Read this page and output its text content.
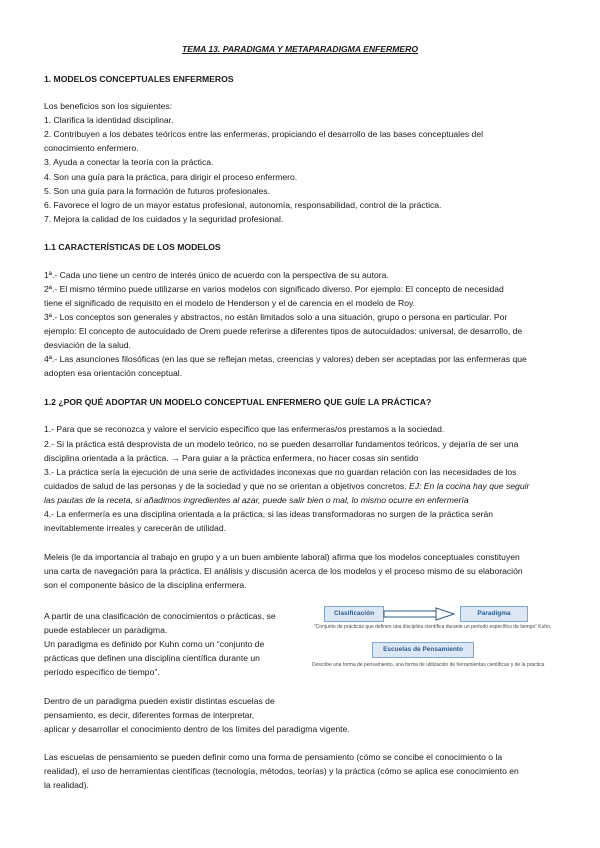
TEMA 13. PARADIGMA Y METAPARADIGMA ENFERMERO
1. MODELOS CONCEPTUALES ENFERMEROS
Los beneficios son los siguientes:
1. Clarifica la identidad disciplinar.
2. Contribuyen a los debates teóricos entre las enfermeras, propiciando el desarrollo de las bases conceptuales del
conocimiento enfermero.
3. Ayuda a conectar la teoría con la práctica.
4. Son una guía para la práctica, para dirigir el proceso enfermero.
5. Son una guía para la formación de futuros profesionales.
6. Favorece el logro de un mayor estatus profesional, autonomía, responsabilidad, control de la práctica.
7. Mejora la calidad de los cuidados y la seguridad profesional.
1.1 CARACTERÍSTICAS DE LOS MODELOS
1ª.- Cada uno tiene un centro de interés único de acuerdo con la perspectiva de su autora.
2ª.- El mismo término puede utilizarse en varios modelos con significado diverso. Por ejemplo: El concepto de necesidad
tiene el significado de requisito en el modelo de Henderson y el de carencia en el modelo de Roy.
3ª.- Los conceptos son generales y abstractos, no están limitados solo a una situación, grupo o persona en particular. Por
ejemplo: El concepto de autocuidado de Orem puede referirse a diferentes tipos de autocuidados: universal, de desarrollo, de
desviación de la salud.
4ª.- Las asunciones filosóficas (en las que se reflejan metas, creencias y valores) deben ser aceptadas por las enfermeras que
adopten esa orientación conceptual.
1.2 ¿POR QUÉ ADOPTAR UN MODELO CONCEPTUAL ENFERMERO QUE GUÍE LA PRÁCTICA?
1.- Para que se reconozca y valore el servicio específico que las enfermeras/os prestamos a la sociedad.
2.- Si la práctica está desprovista de un modelo teórico, no se pueden desarrollar fundamentos teóricos, y dejaría de ser una
disciplina orientada a la práctica. → Para guiar a la práctica enfermera, no hacer cosas sin sentido
3.- La práctica sería la ejecución de una serie de actividades inconexas que no guardan relación con las necesidades de los
cuidados de salud de las personas y de la sociedad y que no se orientan a objetivos concretos. EJ: En la cocina hay que seguir
las pautas de la receta, si añadimos ingredientes al azar, puede salir bien o mal, lo mismo ocurre en enfermería
4.- La enfermería es una disciplina orientada a la práctica, si las ideas transformadoras no surgen de la práctica serán
inevitablemente irreales y carecerán de utilidad.
Meleis (le da importancia al trabajo en grupo y a un buen ambiente laboral) afirma que los modelos conceptuales constituyen
una carta de navegación para la práctica. El análisis y discusión acerca de los modelos y el proceso mismo de su elaboración
son el componente básico de la disciplina enfermera.
A partir de una clasificación de conocimientos o prácticas, se
puede establecer un paradigma.
Un paradigma es definido por Kuhn como un “conjunto de
prácticas que definen una disciplina científica durante un
período específico de tiempo”.
Dentro de un paradigma pueden existir distintas escuelas de
pensamiento, es decir, diferentes formas de interpretar,
aplicar y desarrollar el conocimiento dentro de los límites del paradigma vigente.
Las escuelas de pensamiento se pueden definir como una forma de pensamiento (cómo se concibe el conocimiento o la
realidad), el uso de herramientas científicas (tecnología, métodos, teorías) y la práctica (cómo se aplica ese conocimiento en
la realidad).
Clasificación	Paradigma
“Conjunto de prácticas que definen una disciplina científica durante un período específico de tiempo” Kuhn.
Escuelas de Pensamiento
Describe una forma de pensamiento, una forma de utilización de herramientas científicas y de la práctica
